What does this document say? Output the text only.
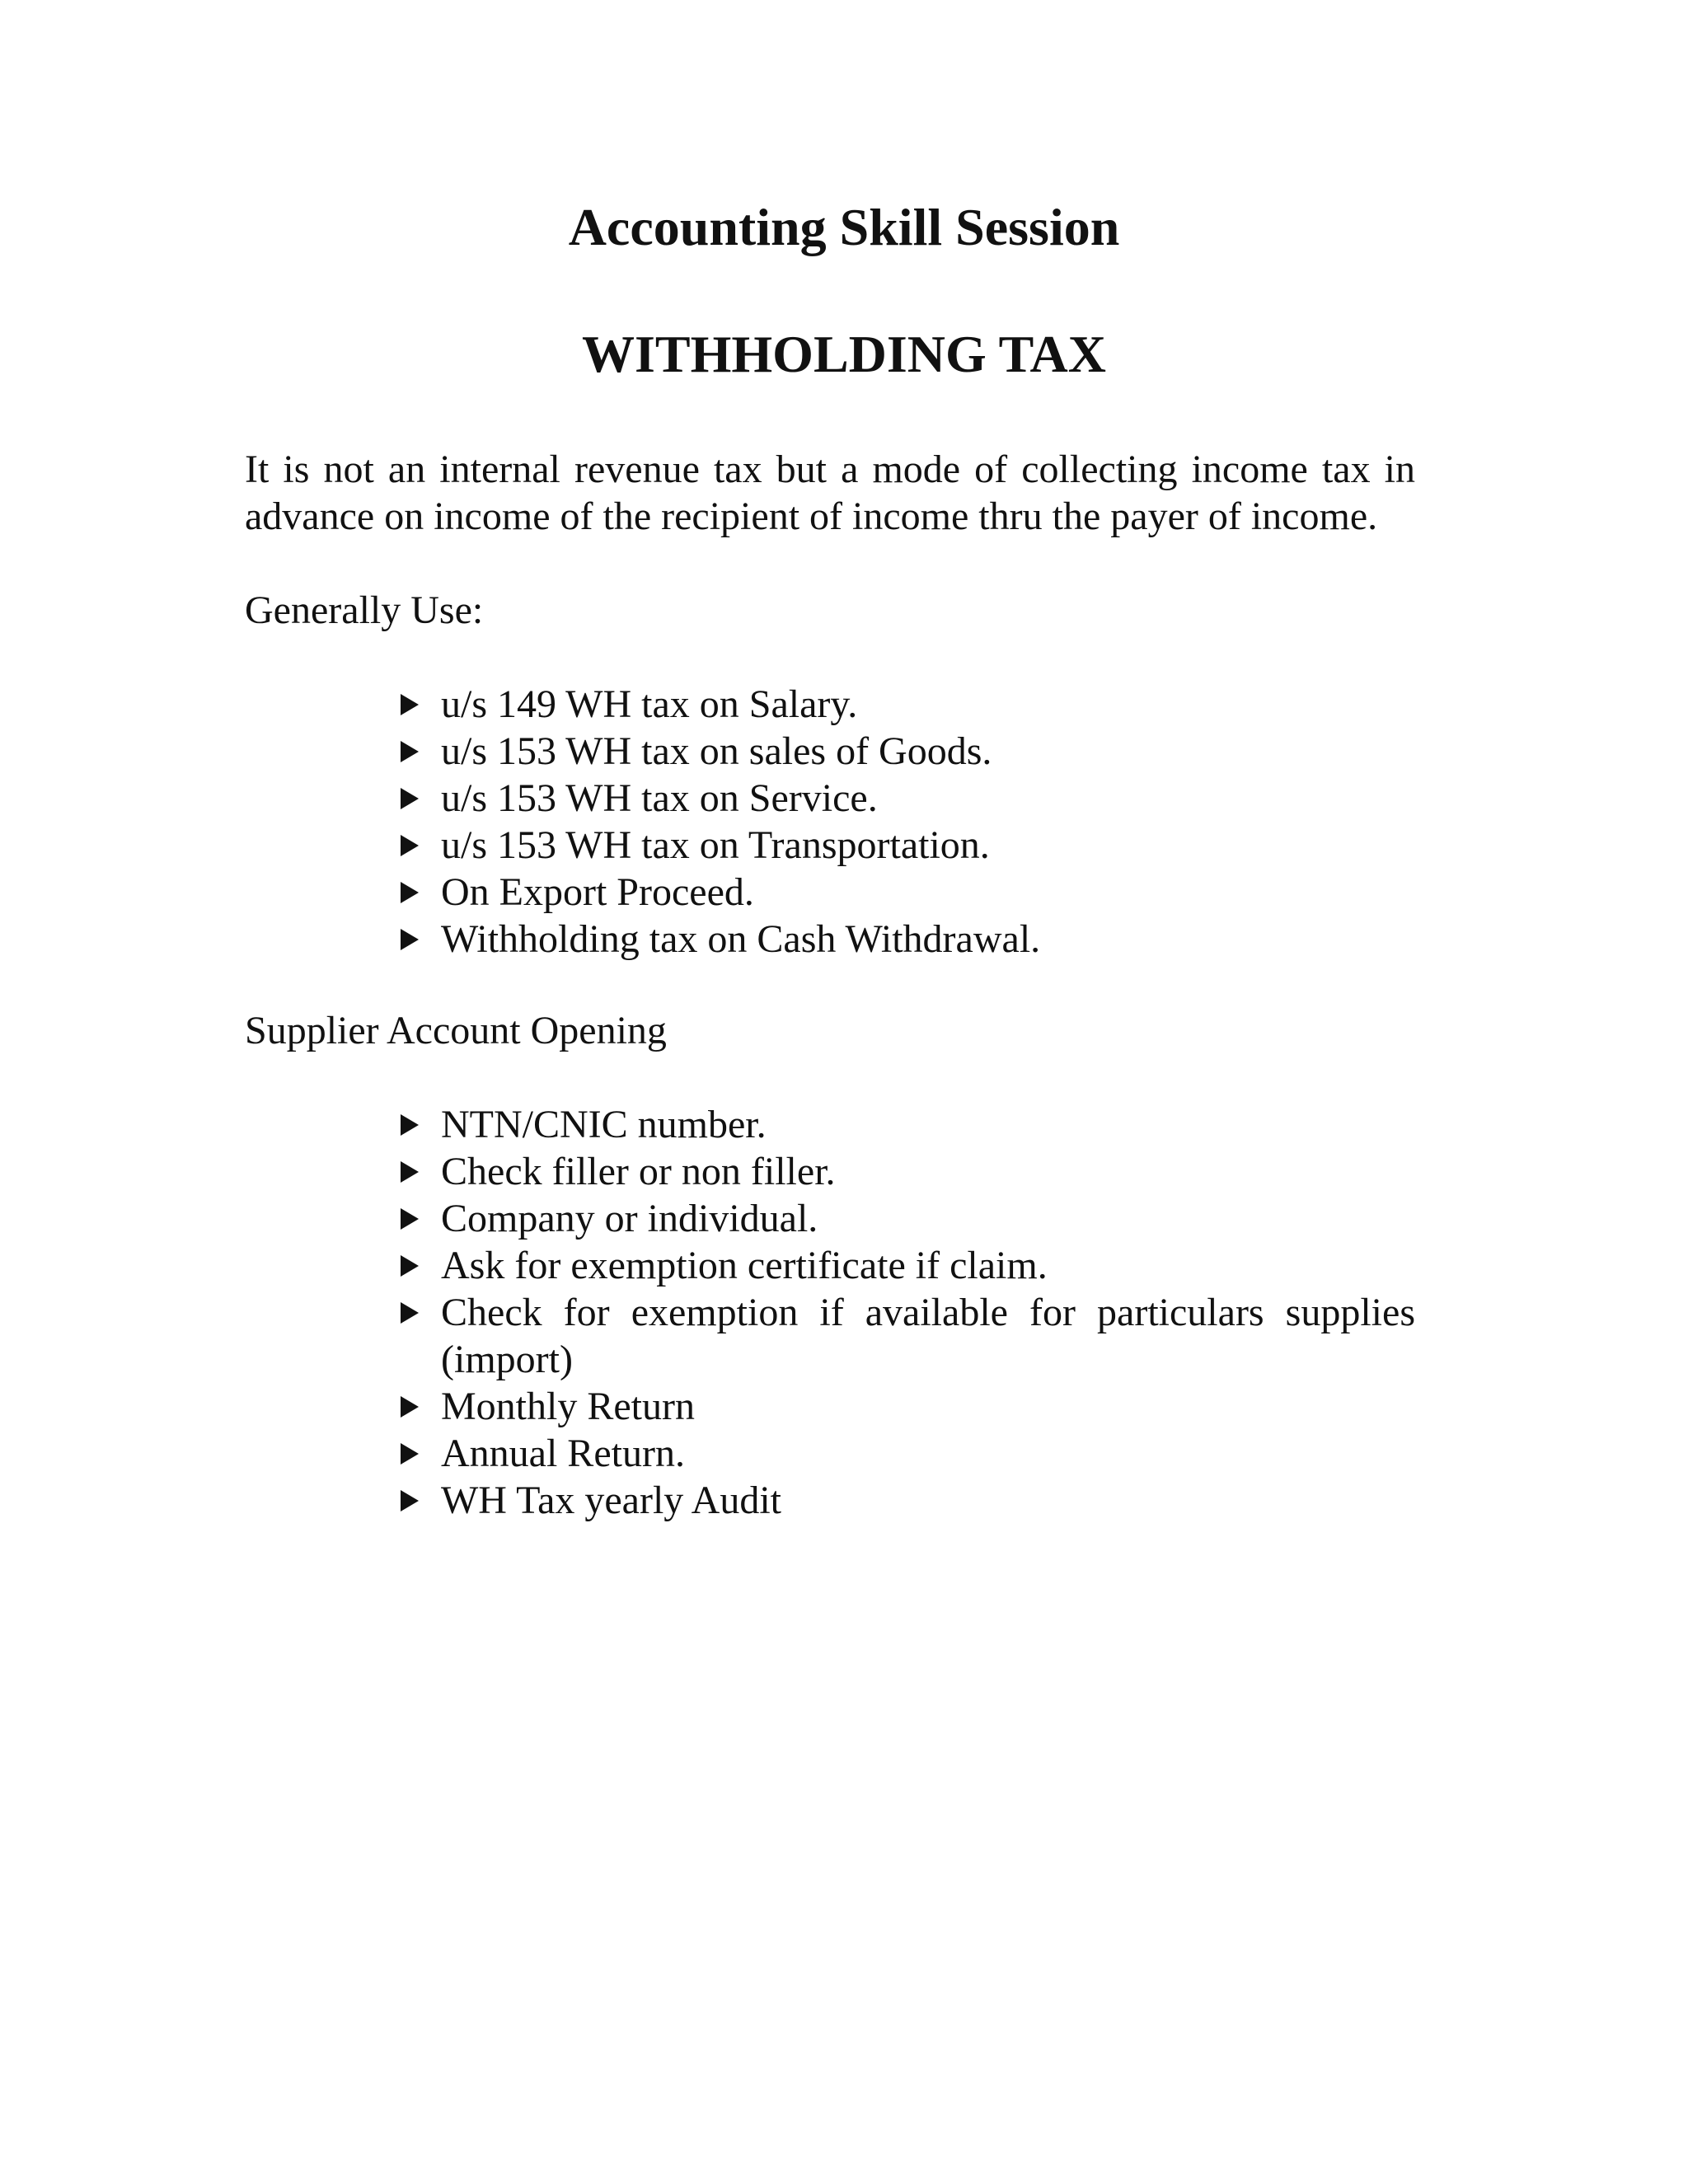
Accounting Skill Session
WITHHOLDING TAX

It is not an internal revenue tax but a mode of collecting income tax in advance on income of the recipient of income thru the payer of income.

Generally Use:

u/s 149 WH tax on Salary.
u/s 153 WH tax on sales of Goods.
u/s 153 WH tax on Service.
u/s 153 WH tax on Transportation.
On Export Proceed.
Withholding tax on Cash Withdrawal.

Supplier Account Opening

NTN/CNIC number.
Check filler or non filler.
Company or individual.
Ask for exemption certificate if claim.
Check for exemption if available for particulars supplies (import)
Monthly Return
Annual Return.
WH Tax yearly Audit
